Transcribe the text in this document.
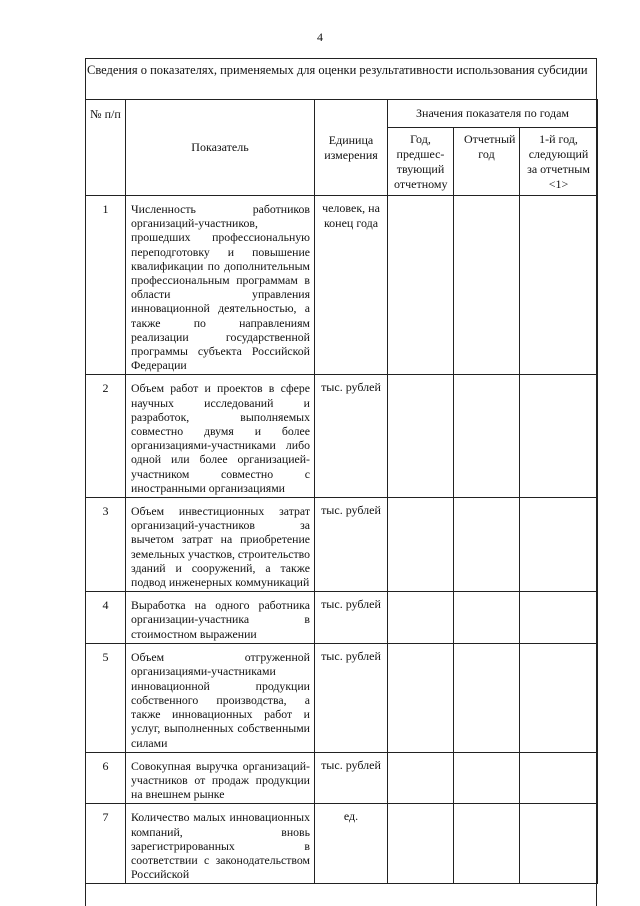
4
Сведения о показателях, применяемых для оценки результативности использования субсидии
№ п/п	Показатель	Единица измерения	Значения показателя по годам		
			Год, предшес-твующий отчетному	Отчетный год	1-й год, следующий за отчетным <1>
1	Численность работников организаций-участников, прошедших профессиональную переподготовку и повышение квалификации по дополнительным профессиональным программам в области управления инновационной деятельностью, а также по направлениям реализации государственной программы субъекта Российской Федерации	человек, на конец года			
2	Объем работ и проектов в сфере научных исследований и разработок, выполняемых совместно двумя и более организациями-участниками либо одной или более организацией-участником совместно с иностранными организациями	тыс. рублей			
3	Объем инвестиционных затрат организаций-участников за вычетом затрат на приобретение земельных участков, строительство зданий и сооружений, а также подвод инженерных коммуникаций	тыс. рублей			
4	Выработка на одного работника организации-участника в стоимостном выражении	тыс. рублей			
5	Объем отгруженной организациями-участниками инновационной продукции собственного производства, а также инновационных работ и услуг, выполненных собственными силами	тыс. рублей			
6	Совокупная выручка организаций-участников от продаж продукции на внешнем рынке	тыс. рублей			
7	Количество малых инновационных компаний, вновь зарегистрированных в соответствии с законодательством Российской	ед.			
